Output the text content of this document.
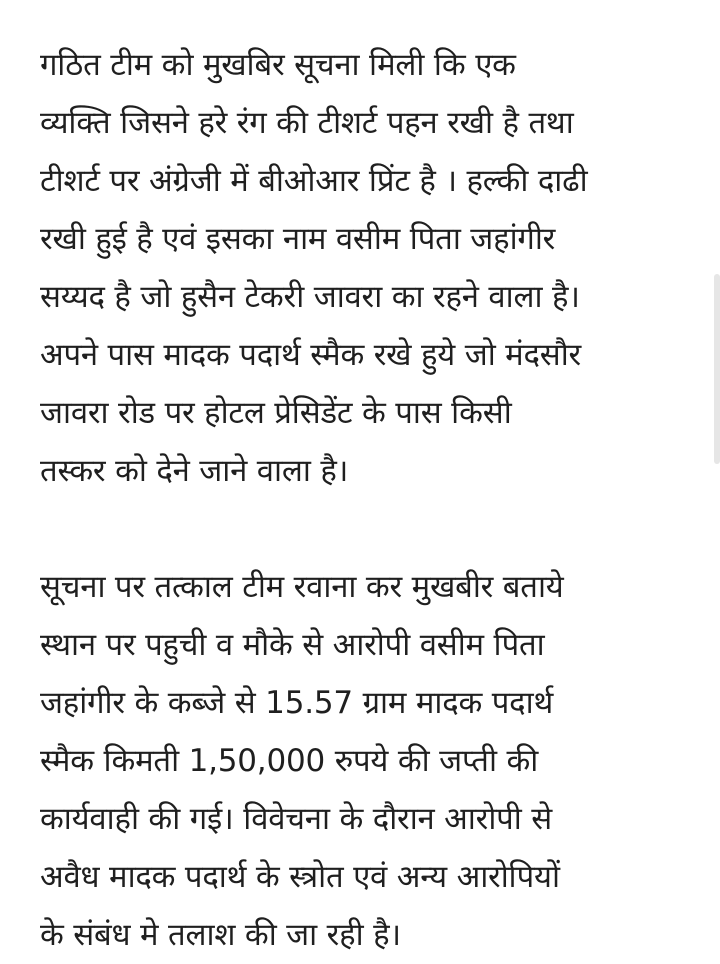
गठित टीम को मुखबिर सूचना मिली कि एक
व्यक्ति जिसने हरे रंग की टीशर्ट पहन रखी है तथा
टीशर्ट पर अंग्रेजी में बीओआर प्रिंट है । हल्की दाढी
रखी हुई है एवं इसका नाम वसीम पिता जहांगीर
सय्यद है जो हुसैन टेकरी जावरा का रहने वाला है।
अपने पास मादक पदार्थ स्मैक रखे हुये जो मंदसौर
जावरा रोड पर होटल प्रेसिडेंट के पास किसी
तस्कर को देने जाने वाला है।

सूचना पर तत्काल टीम रवाना कर मुखबीर बताये
स्थान पर पहुची व मौके से आरोपी वसीम पिता
जहांगीर के कब्जे से 15.57 ग्राम मादक पदार्थ
स्मैक किमती 1,50,000 रुपये की जप्ती की
कार्यवाही की गई। विवेचना के दौरान आरोपी से
अवैध मादक पदार्थ के स्त्रोत एवं अन्य आरोपियों
के संबंध मे तलाश की जा रही है।
